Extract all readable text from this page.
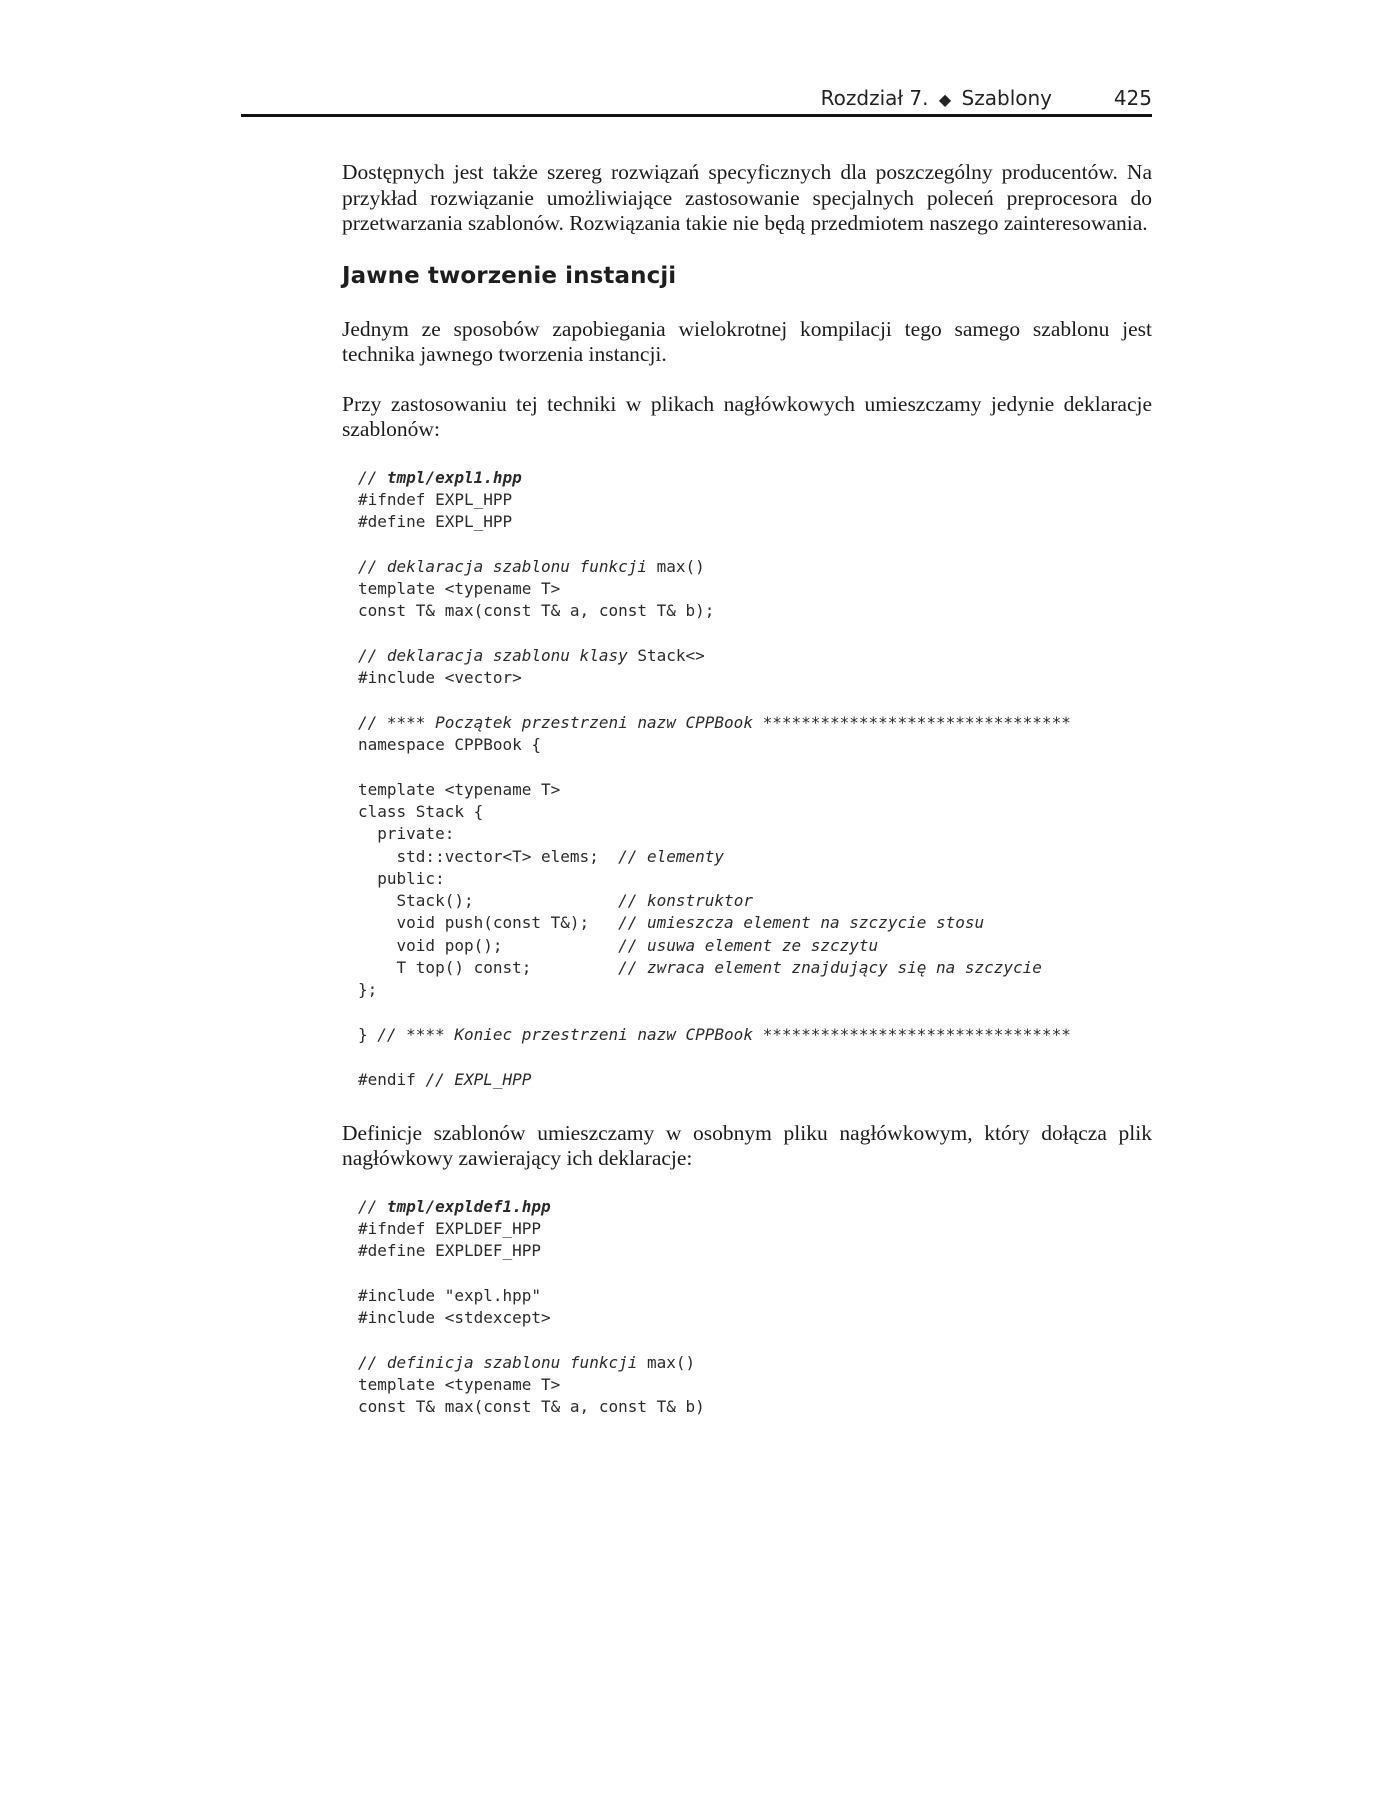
Rozdział 7. ◆ Szablony	425

Dostępnych jest także szereg rozwiązań specyficznych dla poszczególny producentów. Na przykład rozwiązanie umożliwiające zastosowanie specjalnych poleceń preprocesora do przetwarzania szablonów. Rozwiązania takie nie będą przedmiotem naszego zainteresowania.

Jawne tworzenie instancji

Jednym ze sposobów zapobiegania wielokrotnej kompilacji tego samego szablonu jest technika jawnego tworzenia instancji.

Przy zastosowaniu tej techniki w plikach nagłówkowych umieszczamy jedynie deklaracje szablonów:

// tmpl/expl1.hpp
#ifndef EXPL_HPP
#define EXPL_HPP
// deklaracja szablonu funkcji max()
template <typename T>
const T& max(const T& a, const T& b);
// deklaracja szablonu klasy Stack<>
#include <vector>
// **** Początek przestrzeni nazw CPPBook ********************************
namespace CPPBook {
template <typename T>
class Stack {
private:
std::vector<T> elems;  // elementy
public:
Stack();               // konstruktor
void push(const T&);   // umieszcza element na szczycie stosu
void pop();            // usuwa element ze szczytu
T top() const;         // zwraca element znajdujący się na szczycie
};
} // **** Koniec przestrzeni nazw CPPBook ********************************
#endif // EXPL_HPP

Definicje szablonów umieszczamy w osobnym pliku nagłówkowym, który dołącza plik nagłówkowy zawierający ich deklaracje:

// tmpl/expldef1.hpp
#ifndef EXPLDEF_HPP
#define EXPLDEF_HPP
#include "expl.hpp"
#include <stdexcept>
// definicja szablonu funkcji max()
template <typename T>
const T& max(const T& a, const T& b)
